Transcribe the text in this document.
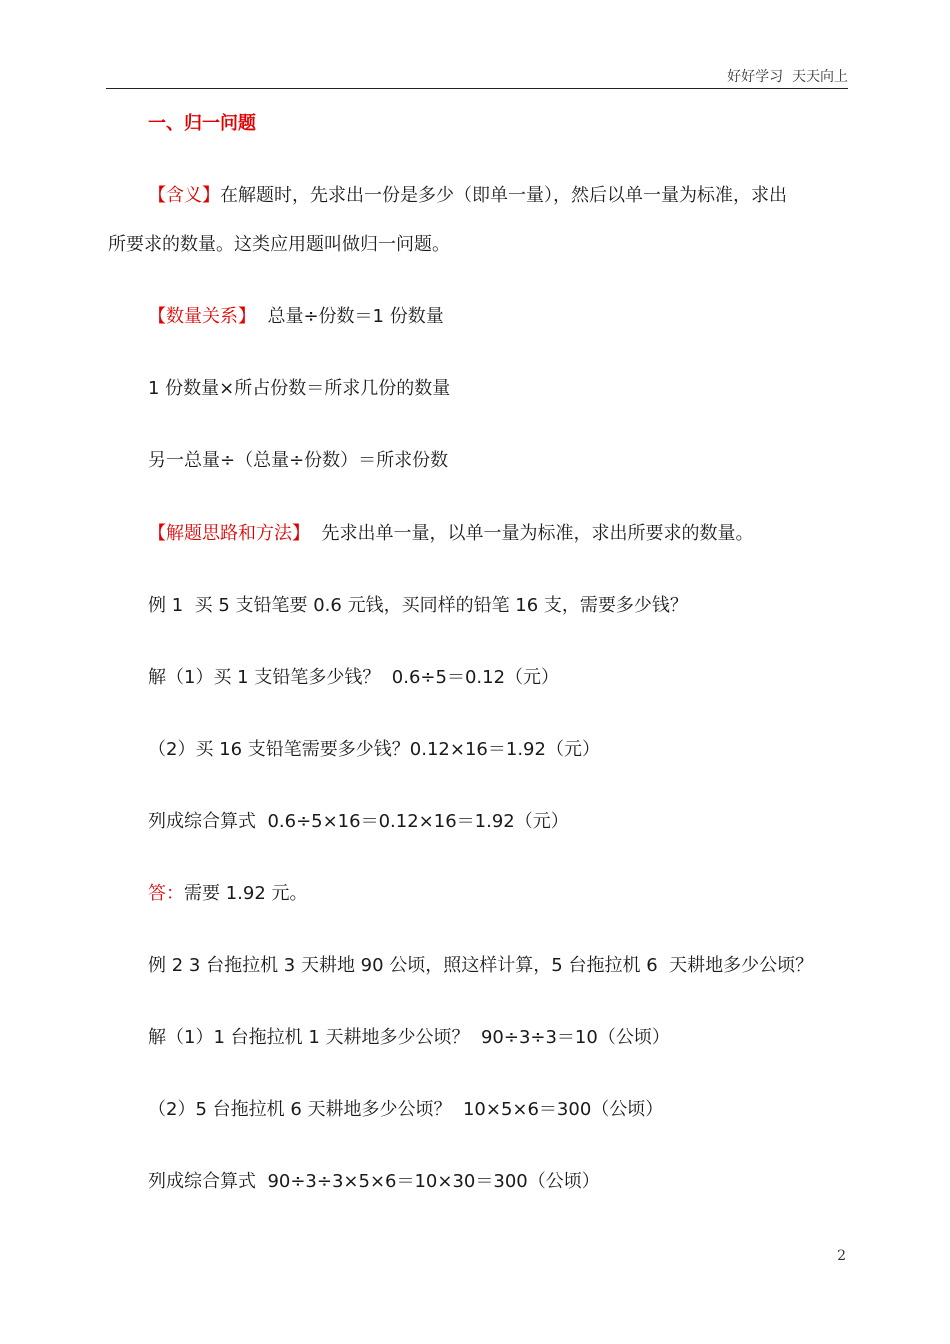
好好学习  天天向上
一、归一问题
【含义】在解题时，先求出一份是多少（即单一量），然后以单一量为标准，求出
所要求的数量。这类应用题叫做归一问题。
【数量关系】  总量÷份数＝1 份数量
1 份数量×所占份数＝所求几份的数量
另一总量÷（总量÷份数）＝所求份数
【解题思路和方法】  先求出单一量，以单一量为标准，求出所要求的数量。
例 1  买 5 支铅笔要 0.6 元钱，买同样的铅笔 16 支，需要多少钱？
解（1）买 1 支铅笔多少钱？  0.6÷5＝0.12（元）
（2）买 16 支铅笔需要多少钱？0.12×16＝1.92（元）
列成综合算式  0.6÷5×16＝0.12×16＝1.92（元）
答：需要 1.92 元。
例 2 3 台拖拉机 3 天耕地 90 公顷，照这样计算，5 台拖拉机 6  天耕地多少公顷？
解（1）1 台拖拉机 1 天耕地多少公顷？  90÷3÷3＝10（公顷）
（2）5 台拖拉机 6 天耕地多少公顷？  10×5×6＝300（公顷）
列成综合算式  90÷3÷3×5×6＝10×30＝300（公顷）
2
